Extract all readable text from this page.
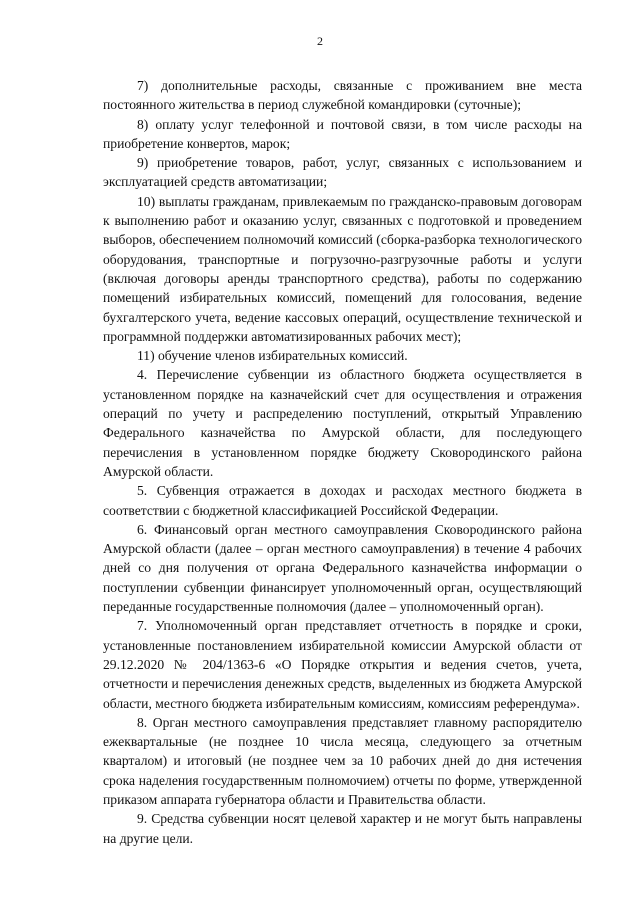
2

7) дополнительные расходы, связанные с проживанием вне места постоянного жительства в период служебной командировки (суточные);

8) оплату услуг телефонной и почтовой связи, в том числе расходы на приобретение конвертов, марок;

9) приобретение товаров, работ, услуг, связанных с использованием и эксплуатацией средств автоматизации;

10) выплаты гражданам, привлекаемым по гражданско-правовым договорам к выполнению работ и оказанию услуг, связанных с подготовкой и проведением выборов, обеспечением полномочий комиссий (сборка-разборка технологического оборудования, транспортные и погрузочно-разгрузочные работы и услуги (включая договоры аренды транспортного средства), работы по содержанию помещений избирательных комиссий, помещений для голосования, ведение бухгалтерского учета, ведение кассовых операций, осуществление технической и программной поддержки автоматизированных рабочих мест);

11) обучение членов избирательных комиссий.

4. Перечисление субвенции из областного бюджета осуществляется в установленном порядке на казначейский счет для осуществления и отражения операций по учету и распределению поступлений, открытый Управлению Федерального казначейства по Амурской области, для последующего перечисления в установленном порядке бюджету Сковородинского района Амурской области.

5. Субвенция отражается в доходах и расходах местного бюджета в соответствии с бюджетной классификацией Российской Федерации.

6. Финансовый орган местного самоуправления Сковородинского района Амурской области (далее – орган местного самоуправления) в течение 4 рабочих дней со дня получения от органа Федерального казначейства информации о поступлении субвенции финансирует уполномоченный орган, осуществляющий переданные государственные полномочия (далее – уполномоченный орган).

7. Уполномоченный орган представляет отчетность в порядке и сроки, установленные постановлением избирательной комиссии Амурской области от 29.12.2020 № 204/1363-6 «О Порядке открытия и ведения счетов, учета, отчетности и перечисления денежных средств, выделенных из бюджета Амурской области, местного бюджета избирательным комиссиям, комиссиям референдума».

8. Орган местного самоуправления представляет главному распорядителю ежеквартальные (не позднее 10 числа месяца, следующего за отчетным кварталом) и итоговый (не позднее чем за 10 рабочих дней до дня истечения срока наделения государственным полномочием) отчеты по форме, утвержденной приказом аппарата губернатора области и Правительства области.

9. Средства субвенции носят целевой характер и не могут быть направлены на другие цели.
